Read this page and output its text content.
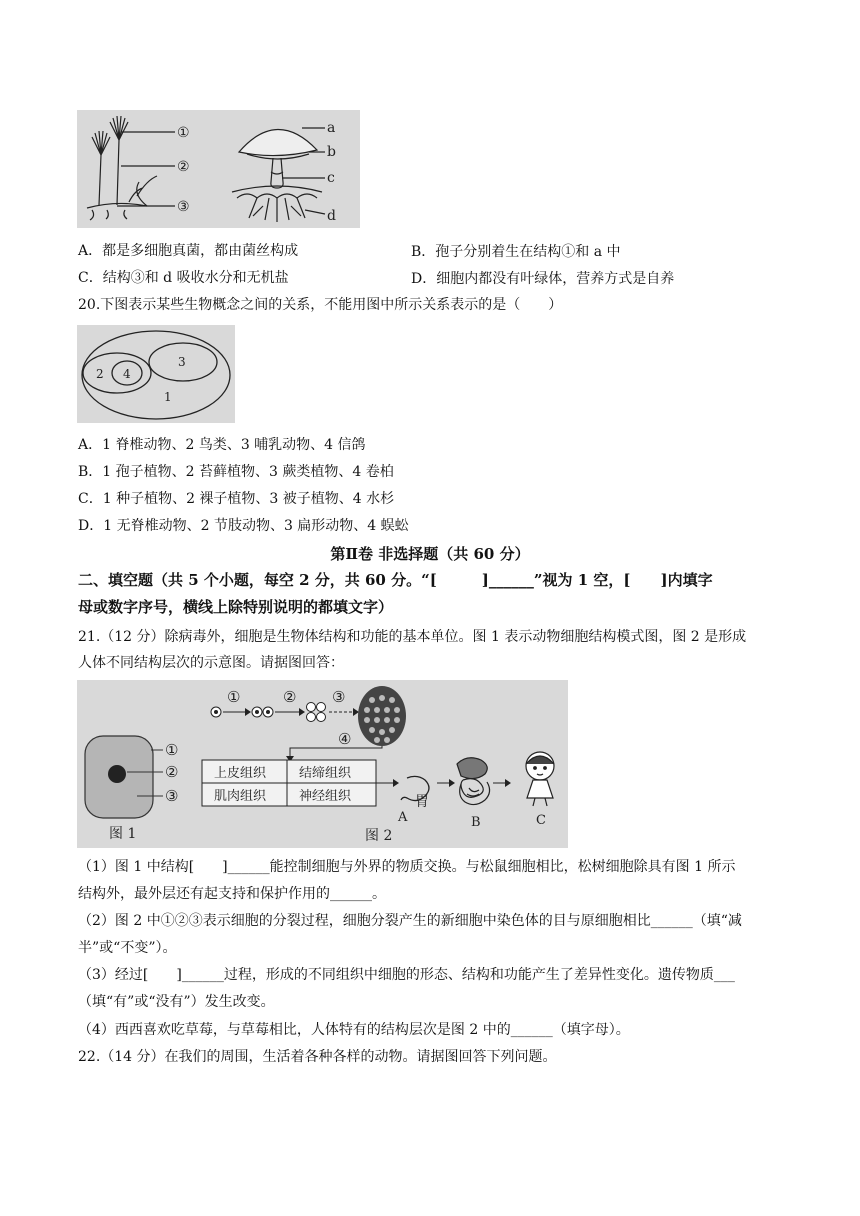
①
②
③
a
b
c
d
A．都是多细胞真菌，都由菌丝构成	B．孢子分别着生在结构①和 a 中
C．结构③和 d 吸收水分和无机盐	D．细胞内都没有叶绿体，营养方式是自养
20.下图表示某些生物概念之间的关系，不能用图中所示关系表示的是（　　）
1
2
3
4
A．1 脊椎动物、2 鸟类、3 哺乳动物、4 信鸽
B．1 孢子植物、2 苔藓植物、3 蕨类植物、4 卷柏
C．1 种子植物、2 裸子植物、3 被子植物、4 水杉
D．1 无脊椎动物、2 节肢动物、3 扁形动物、4 蜈蚣
第Ⅱ卷 非选择题（共 60 分）
二、填空题（共 5 个小题，每空 2 分，共 60 分。“[　　　]______”视为 1 空，[　　]内填字
母或数字序号，横线上除特别说明的都填文字）
21.（12 分）除病毒外，细胞是生物体结构和功能的基本单位。图 1 表示动物细胞结构模式图，图 2 是形成
人体不同结构层次的示意图。请据图回答：
①
②
③
图 1
①	② ③
④
上皮组织	结缔组织
肌肉组织	神经组织	胃
A	B	C
图 2
（1）图 1 中结构[　　]______能控制细胞与外界的物质交换。与松鼠细胞相比，松树细胞除具有图 1 所示
结构外，最外层还有起支持和保护作用的______。
（2）图 2 中①②③表示细胞的分裂过程，细胞分裂产生的新细胞中染色体的目与原细胞相比______（填“减
半”或“不变”）。
（3）经过[　　]______过程，形成的不同组织中细胞的形态、结构和功能产生了差异性变化。遗传物质___
（填“有”或“没有”）发生改变。
（4）西西喜欢吃草莓，与草莓相比，人体特有的结构层次是图 2 中的______（填字母）。
22.（14 分）在我们的周围，生活着各种各样的动物。请据图回答下列问题。
